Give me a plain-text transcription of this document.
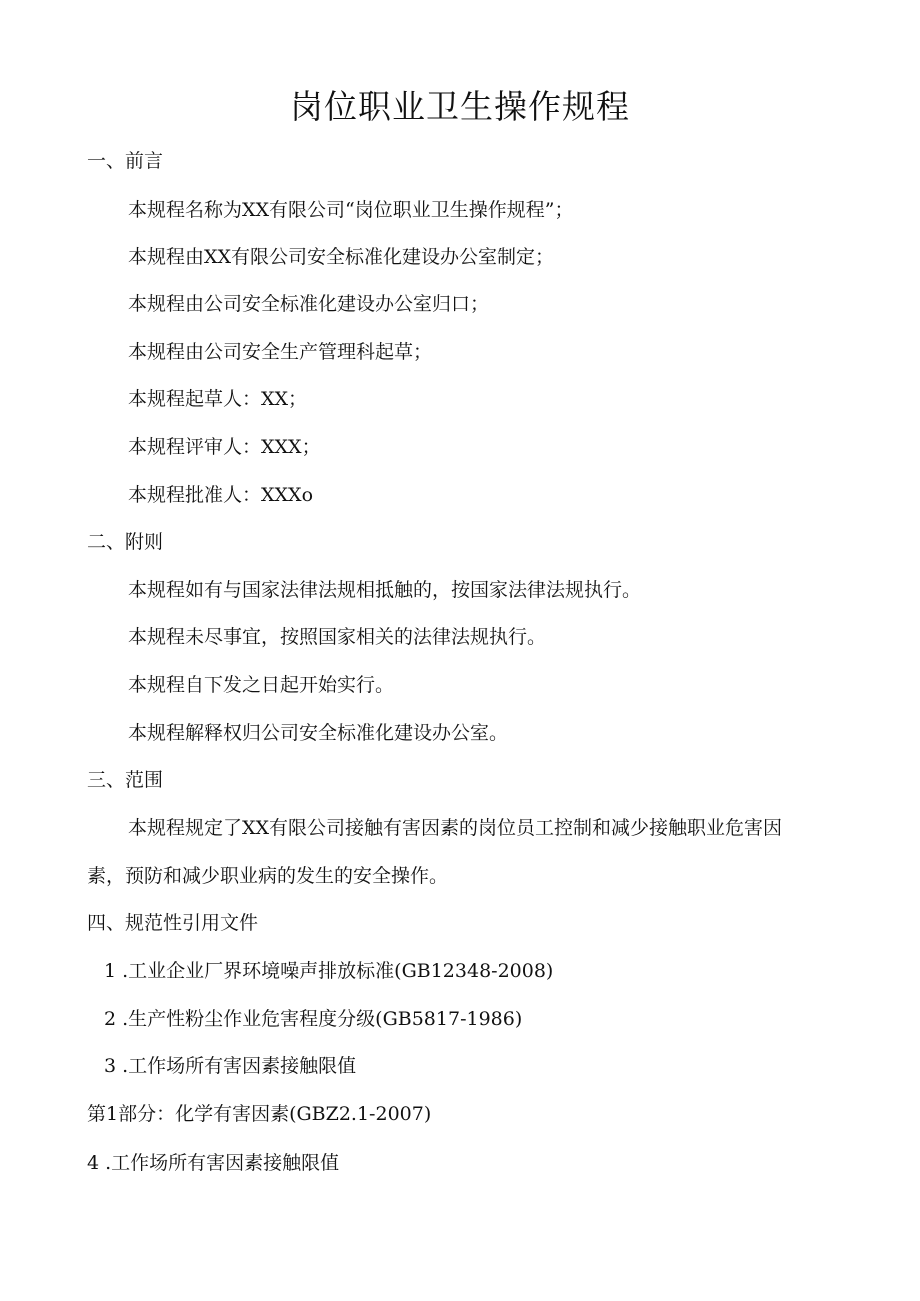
岗位职业卫生操作规程
一、前言
本规程名称为XX有限公司“岗位职业卫生操作规程”；
本规程由XX有限公司安全标准化建设办公室制定；
本规程由公司安全标准化建设办公室归口；
本规程由公司安全生产管理科起草；
本规程起草人：XX；
本规程评审人：XXX；
本规程批准人：XXXo
二、附则
本规程如有与国家法律法规相抵触的，按国家法律法规执行。
本规程未尽事宜，按照国家相关的法律法规执行。
本规程自下发之日起开始实行。
本规程解释权归公司安全标准化建设办公室。
三、范围
本规程规定了XX有限公司接触有害因素的岗位员工控制和减少接触职业危害因
素，预防和减少职业病的发生的安全操作。
四、规范性引用文件
1 .工业企业厂界环境噪声排放标准(GB12348-2008)
2 .生产性粉尘作业危害程度分级(GB5817-1986)
3 .工作场所有害因素接触限值
第1部分：化学有害因素(GBZ2.1-2007)
4 .工作场所有害因素接触限值
